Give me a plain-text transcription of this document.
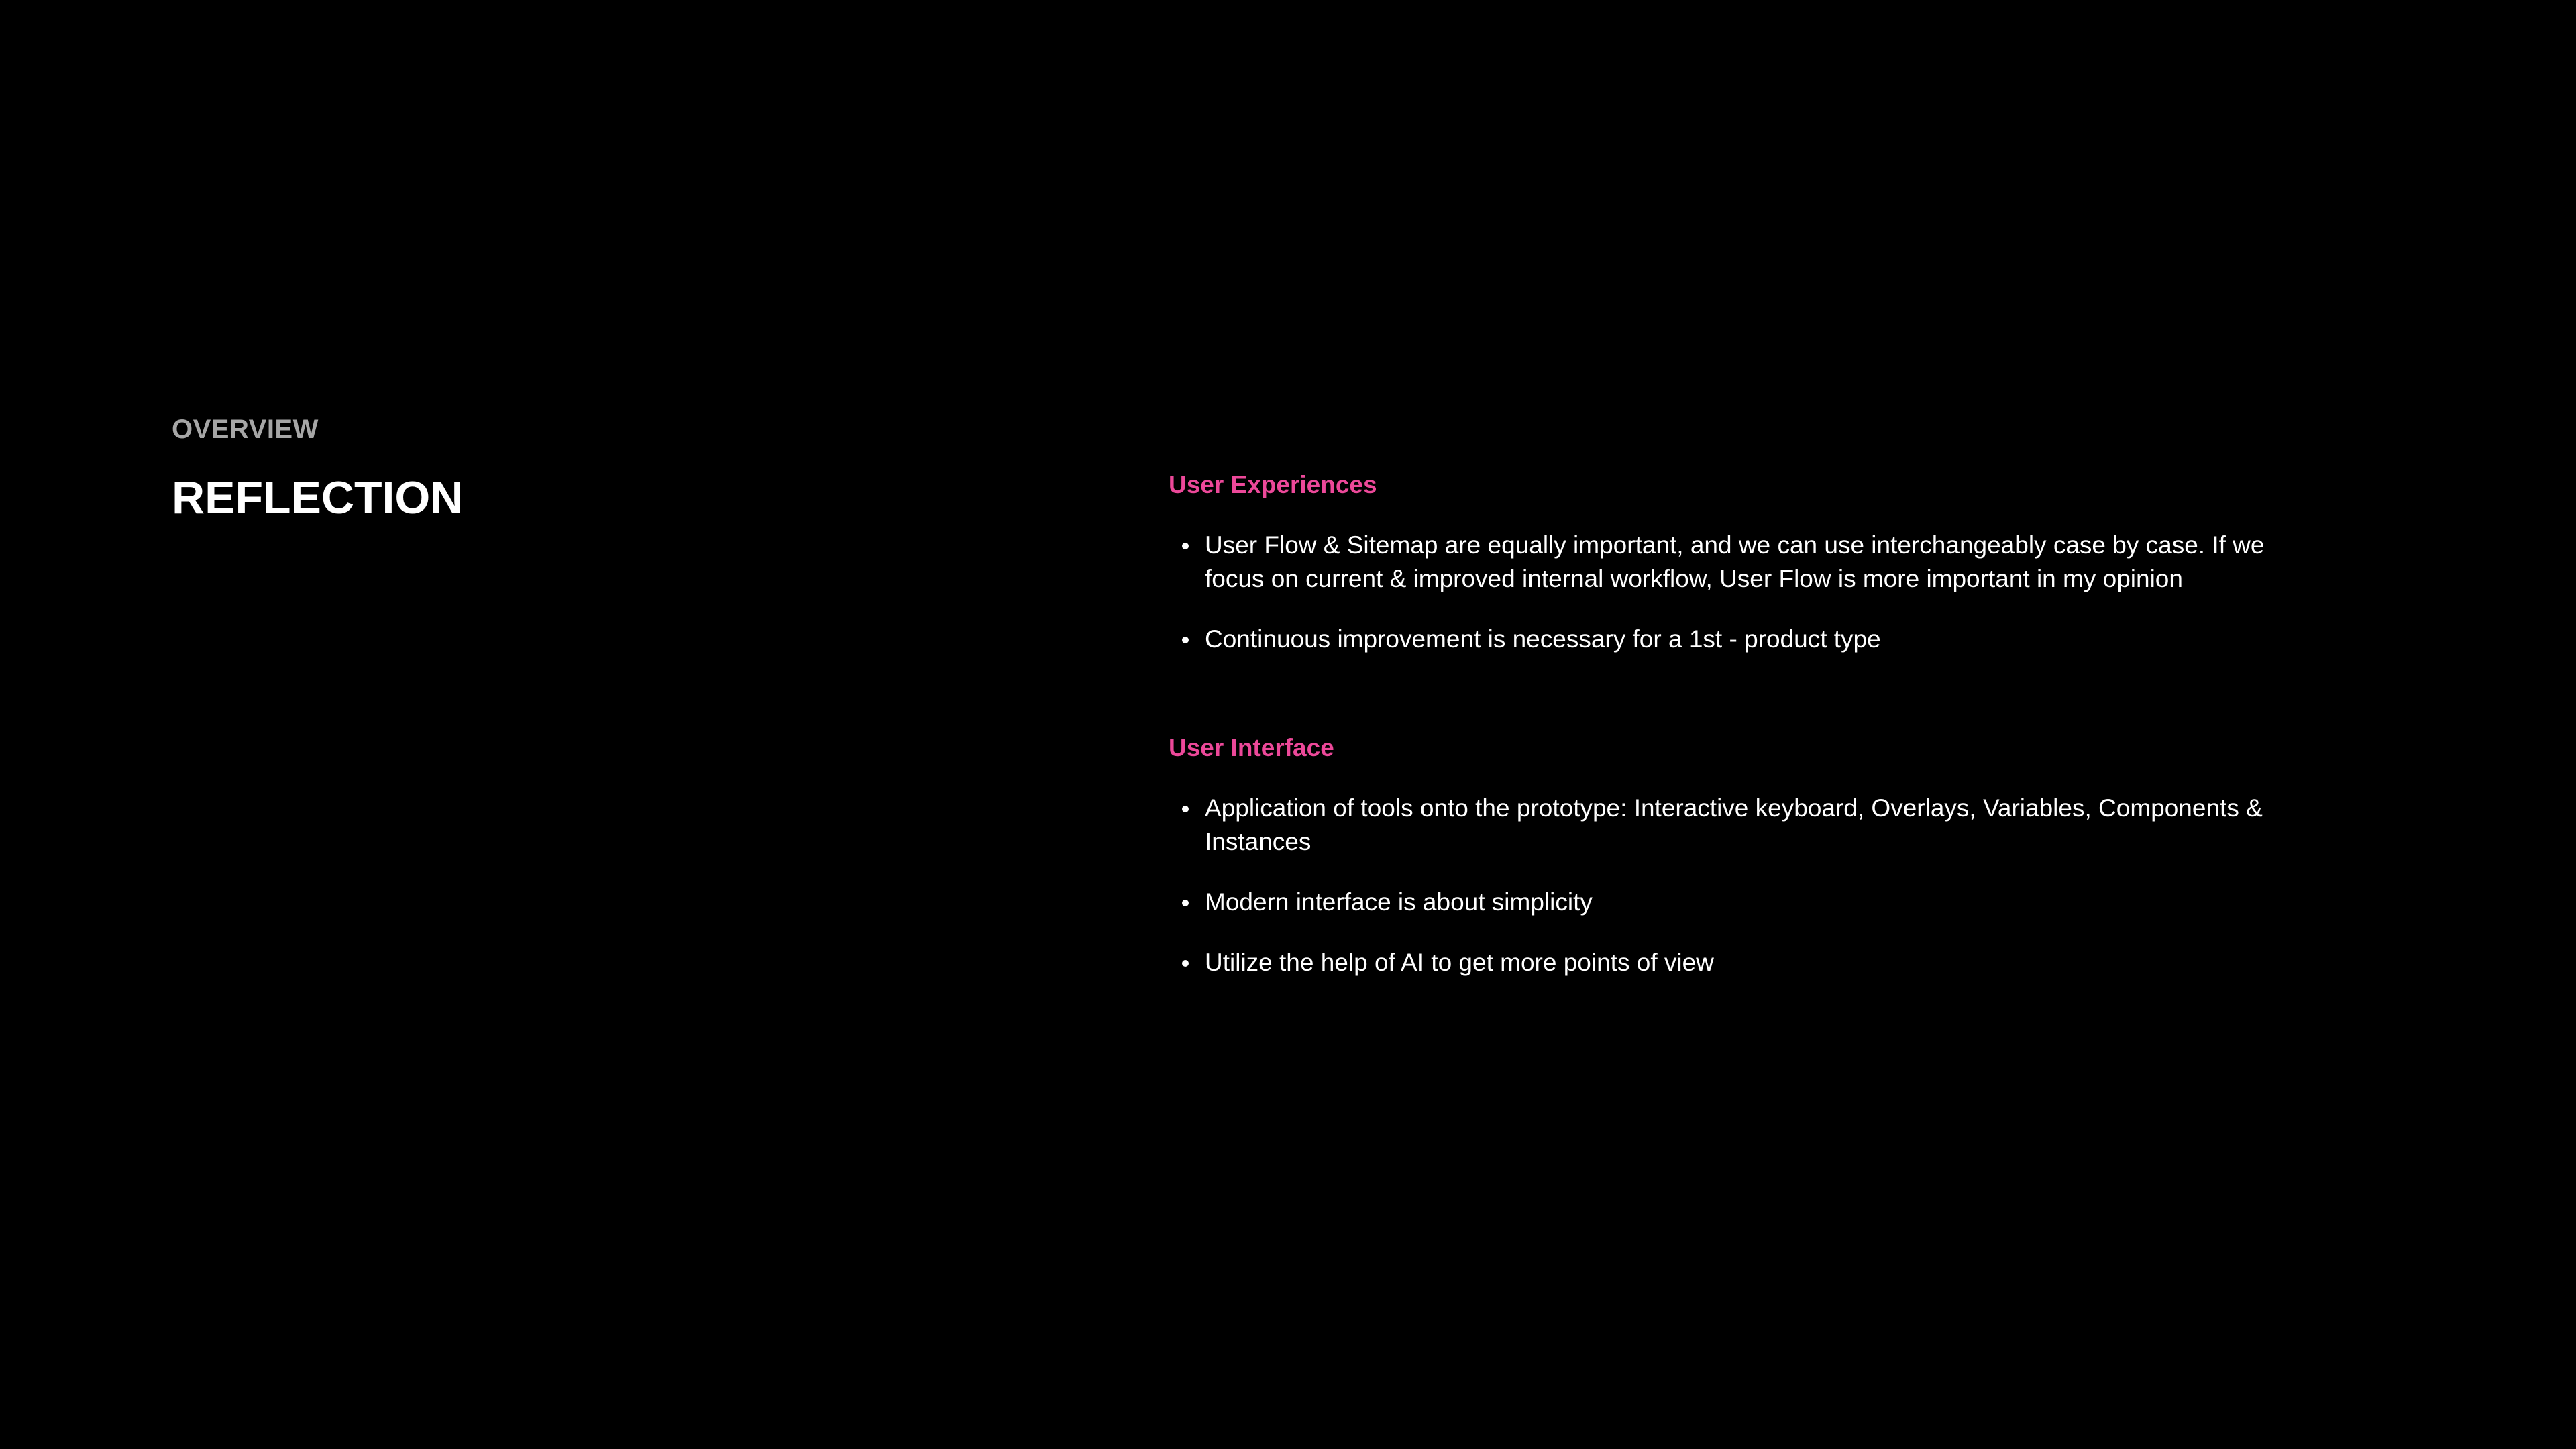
OVERVIEW
REFLECTION	User Experiences
User Flow & Sitemap are equally important, and we can use interchangeably case by case. If we focus on current & improved internal workflow, User Flow is more important in my opinion
Continuous improvement is necessary for a 1st - product type
User Interface
Application of tools onto the prototype: Interactive keyboard, Overlays, Variables, Components & Instances
Modern interface is about simplicity
Utilize the help of AI to get more points of view
